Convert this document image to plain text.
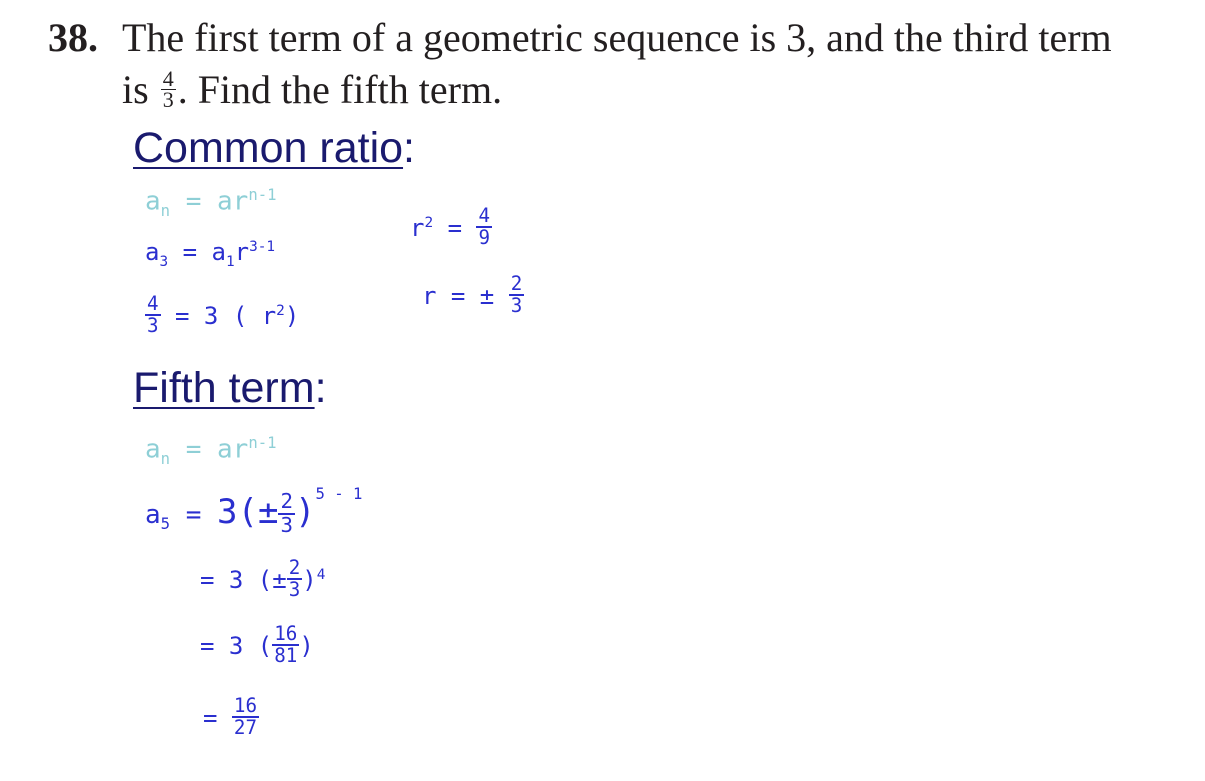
38. The first term of a geometric sequence is 3, and the third term
is $\frac{4}{3}$ . Find the fifth term.
Common ratio:
$a_n = ar^{n-1}$
$a_3 = a_1r^{3-1}$
$\frac{4}{3} = 3$ ( $r^2$)
$r^2 = \frac{4}{9}$
r = ± $\frac{2}{3}$
Fifth term:
$a_n = ar^{n-1}$
$a_5 = 3(\pm \frac{2}{3} )^{5 - 1}$
= 3 (± $\frac{2}{3} )^4$
= 3 ( $\frac{16}{81}$ )
= $\frac{16}{27}$
